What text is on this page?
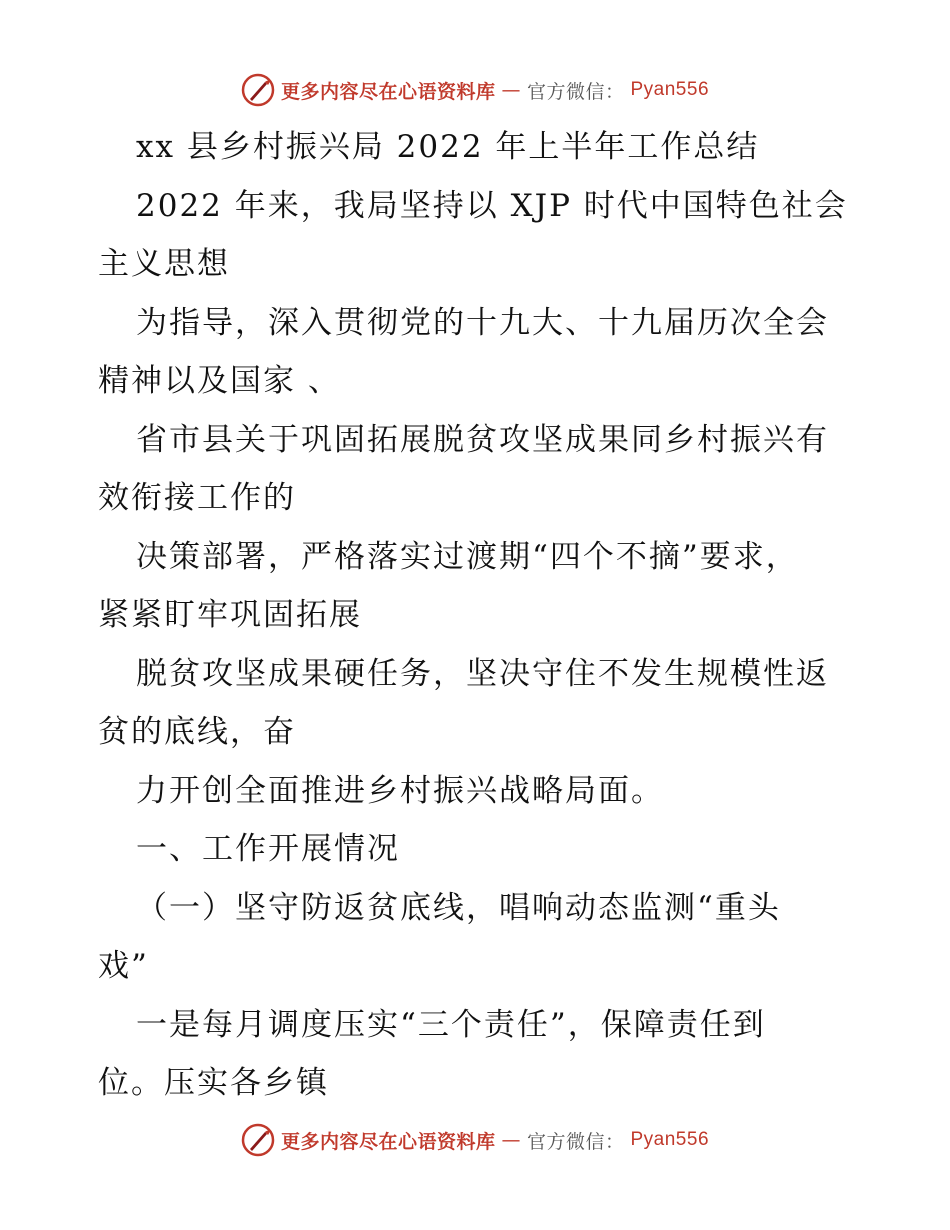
更多内容尽在心语资料库 — 官方微信： Pyan556
xx 县乡村振兴局 2022 年上半年工作总结
2022 年来，我局坚持以 XJP 时代中国特色社会
主义思想
为指导，深入贯彻党的十九大、十九届历次全会
精神以及国家 、
省市县关于巩固拓展脱贫攻坚成果同乡村振兴有
效衔接工作的
决策部署，严格落实过渡期“四个不摘”要求，
紧紧盯牢巩固拓展
脱贫攻坚成果硬任务，坚决守住不发生规模性返
贫的底线，奋
力开创全面推进乡村振兴战略局面。
一、工作开展情况
（一）坚守防返贫底线，唱响动态监测“重头
戏”
一是每月调度压实“三个责任”，保障责任到
位。压实各乡镇
更多内容尽在心语资料库 — 官方微信： Pyan556
